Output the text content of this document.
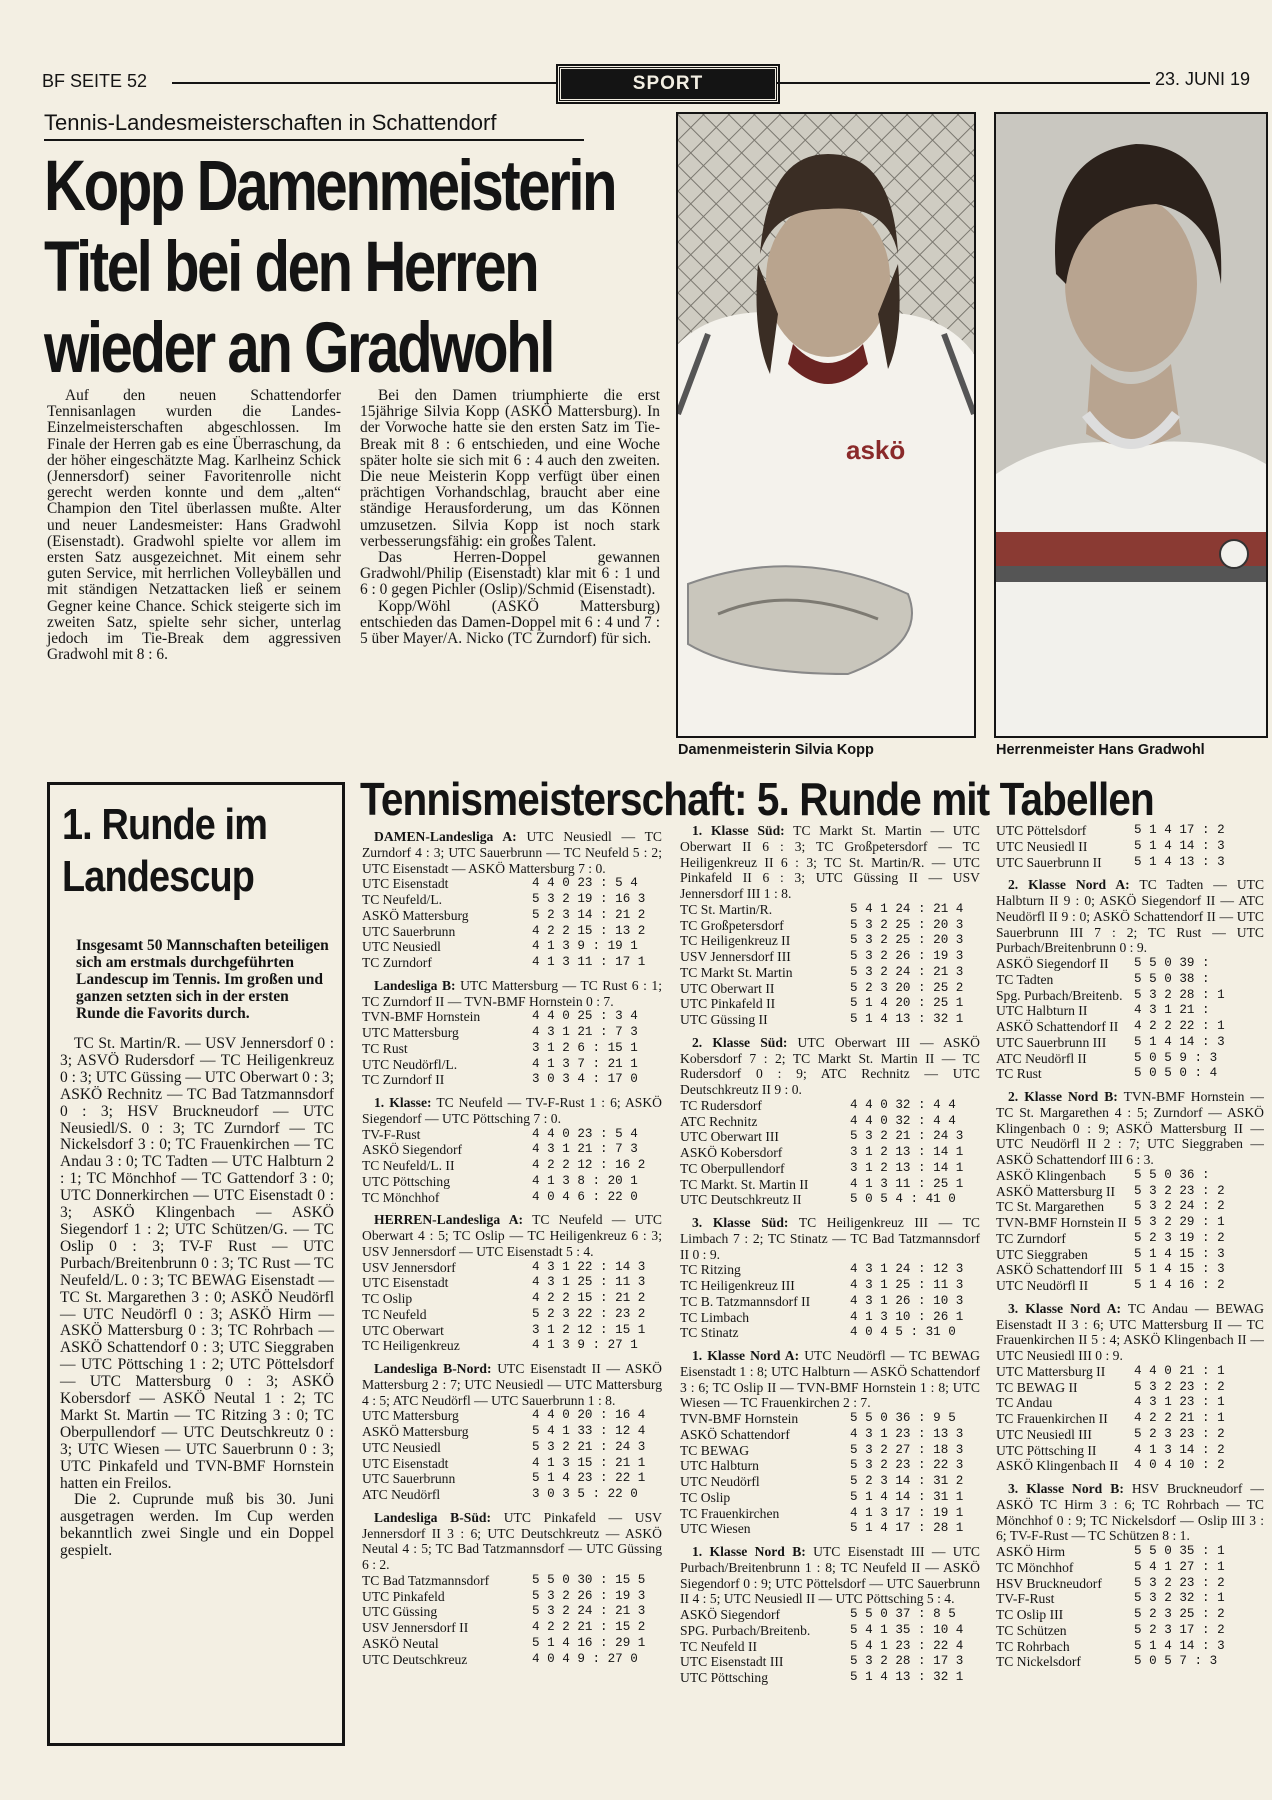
BF SEITE 52	SPORT	23. JUNI 19
Tennis-Landesmeisterschaften in Schattendorf
Kopp Damenmeisterin
Titel bei den Herren
wieder an Gradwohl

Auf den neuen Schattendorfer Tennisanlagen wurden die Landes-Einzelmeisterschaften abgeschlossen. Im Finale der Herren gab es eine Überraschung, da der höher eingeschätzte Mag. Karlheinz Schick (Jennersdorf) seiner Favoritenrolle nicht gerecht werden konnte und dem „alten“ Champion den Titel überlassen mußte. Alter und neuer Landesmeister: Hans Gradwohl (Eisenstadt). Gradwohl spielte vor allem im ersten Satz ausgezeichnet. Mit einem sehr guten Service, mit herrlichen Volleybällen und mit ständigen Netzattacken ließ er seinem Gegner keine Chance. Schick steigerte sich im zweiten Satz, spielte sehr sicher, unterlag jedoch im Tie-Break dem aggressiven Gradwohl mit 8 : 6.

Bei den Damen triumphierte die erst 15jährige Silvia Kopp (ASKÖ Mattersburg). In der Vorwoche hatte sie den ersten Satz im Tie-Break mit 8 : 6 entschieden, und eine Woche später holte sie sich mit 6 : 4 auch den zweiten. Die neue Meisterin Kopp verfügt über einen prächtigen Vorhandschlag, braucht aber eine ständige Herausforderung, um das Können umzusetzen. Silvia Kopp ist noch stark verbesserungsfähig: ein großes Talent.

Das Herren-Doppel gewannen Gradwohl/Philip (Eisenstadt) klar mit 6 : 1 und 6 : 0 gegen Pichler (Oslip)/Schmid (Eisenstadt).

Kopp/Wöhl (ASKÖ Mattersburg) entschieden das Damen-Doppel mit 6 : 4 und 7 : 5 über Mayer/A. Nicko (TC Zurndorf) für sich.

askö
Damenmeisterin Silvia Kopp	Herrenmeister Hans Gradwohl
1. Runde im
Landescup
Insgesamt 50 Mannschaften beteiligen sich am erstmals durchgeführten Landescup im Tennis. Im großen und ganzen setzten sich in der ersten Runde die Favorits durch.

TC St. Martin/R. — USV Jennersdorf 0 : 3; ASVÖ Rudersdorf — TC Heiligenkreuz 0 : 3; UTC Güssing — UTC Oberwart 0 : 3; ASKÖ Rechnitz — TC Bad Tatzmannsdorf 0 : 3; HSV Bruckneudorf — UTC Neusiedl/S. 0 : 3; TC Zurndorf — TC Nickelsdorf 3 : 0; TC Frauenkirchen — TC Andau 3 : 0; TC Tadten — UTC Halbturn 2 : 1; TC Mönchhof — TC Gattendorf 3 : 0; UTC Donnerkirchen — UTC Eisenstadt 0 : 3; ASKÖ Klingenbach — ASKÖ Siegendorf 1 : 2; UTC Schützen/G. — TC Oslip 0 : 3; TV-F Rust — UTC Purbach/Breitenbrunn 0 : 3; TC Rust — TC Neufeld/L. 0 : 3; TC BEWAG Eisenstadt — TC St. Margarethen 3 : 0; ASKÖ Neudörfl — UTC Neudörfl 0 : 3; ASKÖ Hirm — ASKÖ Mattersburg 0 : 3; TC Rohrbach — ASKÖ Schattendorf 0 : 3; UTC Sieggraben — UTC Pöttsching 1 : 2; UTC Pöttelsdorf — UTC Mattersburg 0 : 3; ASKÖ Kobersdorf — ASKÖ Neutal 1 : 2; TC Markt St. Martin — TC Ritzing 3 : 0; TC Oberpullendorf — UTC Deutschkreutz 0 : 3; UTC Wiesen — UTC Sauerbrunn 0 : 3; UTC Pinkafeld und TVN-BMF Hornstein hatten ein Freilos.

Die 2. Cuprunde muß bis 30. Juni ausgetragen werden. Im Cup werden bekanntlich zwei Single und ein Doppel gespielt.

Tennismeisterschaft: 5. Runde mit Tabellen

DAMEN-Landesliga A: UTC Neusiedl — TC Zurndorf 4 : 3; UTC Sauerbrunn — TC Neufeld 5 : 2; UTC Eisenstadt — ASKÖ Mattersburg 7 : 0.

UTC Eisenstadt	4 4 0 23 : 5 4
TC Neufeld/L.	5 3 2 19 : 16 3
ASKÖ Mattersburg	5 2 3 14 : 21 2
UTC Sauerbrunn	4 2 2 15 : 13 2
UTC Neusiedl	4 1 3 9 : 19 1
TC Zurndorf	4 1 3 11 : 17 1

Landesliga B: UTC Mattersburg — TC Rust 6 : 1; TC Zurndorf II — TVN-BMF Hornstein 0 : 7.

TVN-BMF Hornstein	4 4 0 25 : 3 4
UTC Mattersburg	4 3 1 21 : 7 3
TC Rust	3 1 2 6 : 15 1
UTC Neudörfl/L.	4 1 3 7 : 21 1
TC Zurndorf II	3 0 3 4 : 17 0

1. Klasse: TC Neufeld — TV-F-Rust 1 : 6; ASKÖ Siegendorf — UTC Pöttsching 7 : 0.

TV-F-Rust	4 4 0 23 : 5 4
ASKÖ Siegendorf	4 3 1 21 : 7 3
TC Neufeld/L. II	4 2 2 12 : 16 2
UTC Pöttsching	4 1 3 8 : 20 1
TC Mönchhof	4 0 4 6 : 22 0

HERREN-Landesliga A: TC Neufeld — UTC Oberwart 4 : 5; TC Oslip — TC Heiligenkreuz 6 : 3; USV Jennersdorf — UTC Eisenstadt 5 : 4.

USV Jennersdorf	4 3 1 22 : 14 3
UTC Eisenstadt	4 3 1 25 : 11 3
TC Oslip	4 2 2 15 : 21 2
TC Neufeld	5 2 3 22 : 23 2
UTC Oberwart	3 1 2 12 : 15 1
TC Heiligenkreuz	4 1 3 9 : 27 1

Landesliga B-Nord: UTC Eisenstadt II — ASKÖ Mattersburg 2 : 7; UTC Neusiedl — UTC Mattersburg 4 : 5; ATC Neudörfl — UTC Sauerbrunn 1 : 8.

UTC Mattersburg	4 4 0 20 : 16 4
ASKÖ Mattersburg	5 4 1 33 : 12 4
UTC Neusiedl	5 3 2 21 : 24 3
UTC Eisenstadt	4 1 3 15 : 21 1
UTC Sauerbrunn	5 1 4 23 : 22 1
ATC Neudörfl	3 0 3 5 : 22 0

Landesliga B-Süd: UTC Pinkafeld — USV Jennersdorf II 3 : 6; UTC Deutschkreutz — ASKÖ Neutal 4 : 5; TC Bad Tatzmannsdorf — UTC Güssing 6 : 2.

TC Bad Tatzmannsdorf	5 5 0 30 : 15 5
UTC Pinkafeld	5 3 2 26 : 19 3
UTC Güssing	5 3 2 24 : 21 3
USV Jennersdorf II	4 2 2 21 : 15 2
ASKÖ Neutal	5 1 4 16 : 29 1
UTC Deutschkreuz	4 0 4 9 : 27 0

1. Klasse Süd: TC Markt St. Martin — UTC Oberwart II 6 : 3; TC Großpetersdorf — TC Heiligenkreuz II 6 : 3; TC St. Martin/R. — UTC Pinkafeld II 6 : 3; UTC Güssing II — USV Jennersdorf III 1 : 8.

TC St. Martin/R.	5 4 1 24 : 21 4
TC Großpetersdorf	5 3 2 25 : 20 3
TC Heiligenkreuz II	5 3 2 25 : 20 3
USV Jennersdorf III	5 3 2 26 : 19 3
TC Markt St. Martin	5 3 2 24 : 21 3
UTC Oberwart II	5 2 3 20 : 25 2
UTC Pinkafeld II	5 1 4 20 : 25 1
UTC Güssing II	5 1 4 13 : 32 1

2. Klasse Süd: UTC Oberwart III — ASKÖ Kobersdorf 7 : 2; TC Markt St. Martin II — TC Rudersdorf 0 : 9; ATC Rechnitz — UTC Deutschkreutz II 9 : 0.

TC Rudersdorf	4 4 0 32 : 4 4
ATC Rechnitz	4 4 0 32 : 4 4
UTC Oberwart III	5 3 2 21 : 24 3
ASKÖ Kobersdorf	3 1 2 13 : 14 1
TC Oberpullendorf	3 1 2 13 : 14 1
TC Markt. St. Martin II	4 1 3 11 : 25 1
UTC Deutschkreutz II	5 0 5 4 : 41 0

3. Klasse Süd: TC Heiligenkreuz III — TC Limbach 7 : 2; TC Stinatz — TC Bad Tatzmannsdorf II 0 : 9.

TC Ritzing	4 3 1 24 : 12 3
TC Heiligenkreuz III	4 3 1 25 : 11 3
TC B. Tatzmannsdorf II	4 3 1 26 : 10 3
TC Limbach	4 1 3 10 : 26 1
TC Stinatz	4 0 4 5 : 31 0

1. Klasse Nord A: UTC Neudörfl — TC BEWAG Eisenstadt 1 : 8; UTC Halbturn — ASKÖ Schattendorf 3 : 6; TC Oslip II — TVN-BMF Hornstein 1 : 8; UTC Wiesen — TC Frauenkirchen 2 : 7.

TVN-BMF Hornstein	5 5 0 36 : 9 5
ASKÖ Schattendorf	4 3 1 23 : 13 3
TC BEWAG	5 3 2 27 : 18 3
UTC Halbturn	5 3 2 23 : 22 3
UTC Neudörfl	5 2 3 14 : 31 2
TC Oslip	5 1 4 14 : 31 1
TC Frauenkirchen	4 1 3 17 : 19 1
UTC Wiesen	5 1 4 17 : 28 1

1. Klasse Nord B: UTC Eisenstadt III — UTC Purbach/Breitenbrunn 1 : 8; TC Neufeld II — ASKÖ Siegendorf 0 : 9; UTC Pöttelsdorf — UTC Sauerbrunn II 4 : 5; UTC Neusiedl II — UTC Pöttsching 5 : 4.

ASKÖ Siegendorf	5 5 0 37 : 8 5
SPG. Purbach/Breitenb.	5 4 1 35 : 10 4
TC Neufeld II	5 4 1 23 : 22 4
UTC Eisenstadt III	5 3 2 28 : 17 3
UTC Pöttsching	5 1 4 13 : 32 1
UTC Pöttelsdorf	5 1 4 17 : 2
UTC Neusiedl II	5 1 4 14 : 3
UTC Sauerbrunn II	5 1 4 13 : 3

2. Klasse Nord A: TC Tadten — UTC Halbturn II 9 : 0; ASKÖ Siegendorf II — ATC Neudörfl II 9 : 0; ASKÖ Schattendorf II — UTC Sauerbrunn III 7 : 2; TC Rust — UTC Purbach/Breitenbrunn 0 : 9.

ASKÖ Siegendorf II	5 5 0 39 :
TC Tadten	5 5 0 38 :
Spg. Purbach/Breitenb.	5 3 2 28 : 1
UTC Halbturn II	4 3 1 21 :
ASKÖ Schattendorf II	4 2 2 22 : 1
UTC Sauerbrunn III	5 1 4 14 : 3
ATC Neudörfl II	5 0 5 9 : 3
TC Rust	5 0 5 0 : 4

2. Klasse Nord B: TVN-BMF Hornstein — TC St. Margarethen 4 : 5; Zurndorf — ASKÖ Klingenbach 0 : 9; ASKÖ Mattersburg II — UTC Neudörfl II 2 : 7; UTC Sieggraben — ASKÖ Schattendorf III 6 : 3.

ASKÖ Klingenbach	5 5 0 36 :
ASKÖ Mattersburg II	5 3 2 23 : 2
TC St. Margarethen	5 3 2 24 : 2
TVN-BMF Hornstein II	5 3 2 29 : 1
TC Zurndorf	5 2 3 19 : 2
UTC Sieggraben	5 1 4 15 : 3
ASKÖ Schattendorf III	5 1 4 15 : 3
UTC Neudörfl II	5 1 4 16 : 2

3. Klasse Nord A: TC Andau — BEWAG Eisenstadt II 3 : 6; UTC Mattersburg II — TC Frauenkirchen II 5 : 4; ASKÖ Klingenbach II — UTC Neusiedl III 0 : 9.

UTC Mattersburg II	4 4 0 21 : 1
TC BEWAG II	5 3 2 23 : 2
TC Andau	4 3 1 23 : 1
TC Frauenkirchen II	4 2 2 21 : 1
UTC Neusiedl III	5 2 3 23 : 2
UTC Pöttsching II	4 1 3 14 : 2
ASKÖ Klingenbach II	4 0 4 10 : 2

3. Klasse Nord B: HSV Bruckneudorf — ASKÖ TC Hirm 3 : 6; TC Rohrbach — TC Mönchhof 0 : 9; TC Nickelsdorf — Oslip III 3 : 6; TV-F-Rust — TC Schützen 8 : 1.

ASKÖ Hirm	5 5 0 35 : 1
TC Mönchhof	5 4 1 27 : 1
HSV Bruckneudorf	5 3 2 23 : 2
TV-F-Rust	5 3 2 32 : 1
TC Oslip III	5 2 3 25 : 2
TC Schützen	5 2 3 17 : 2
TC Rohrbach	5 1 4 14 : 3
TC Nickelsdorf	5 0 5 7 : 3
